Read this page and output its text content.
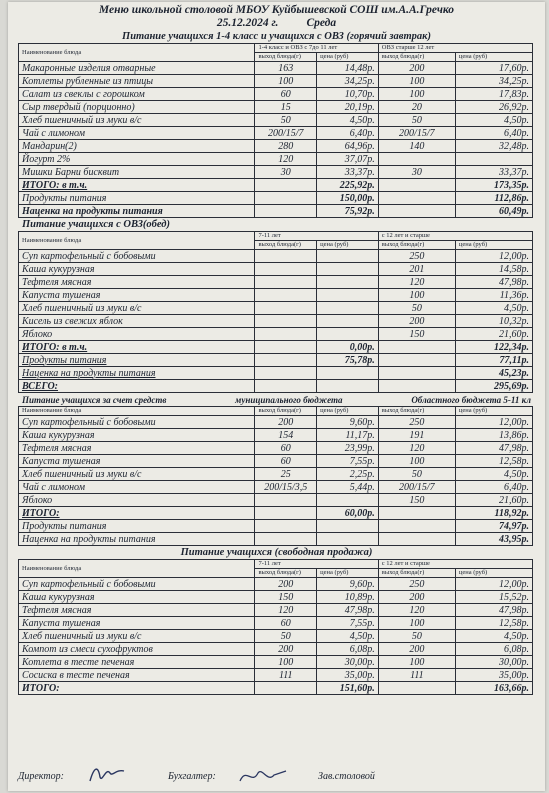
Меню школьной столовой МБОУ Куйбышевской СОШ им.А.А.Гречко
25.12.2024 г. Среда
Питание учащихся 1-4 класс и учащихся с ОВЗ (горячий завтрак)
Наименование блюда	1-4 класс и ОВЗ с 7до 11 лет		ОВЗ старше 12 лет	
	выход блюда(г)	цена (руб)	выход блюда(г)	цена (руб)
Макаронные изделия отварные	163	14,48р.	200	17,60р.
Котлеты рубленные из птицы	100	34,25р.	100	34,25р.
Салат из свеклы с горошком	60	10,70р.	100	17,83р.
Сыр твердый (порционно)	15	20,19р.	20	26,92р.
Хлеб пшеничный из муки в/с	50	4,50р.	50	4,50р.
Чай с лимоном	200/15/7	6,40р.	200/15/7	6,40р.
Мандарин(2)	280	64,96р.	140	32,48р.
Йогурт 2%	120	37,07р.		
Мишки Барни бисквит	30	33,37р.	30	33,37р.
ИТОГО: в т.ч.		225,92р.		173,35р.
Продукты питания		150,00р.		112,86р.
Наценка на продукты питания		75,92р.		60,49р.
Питание учащихся с ОВЗ(обед)
Наименование блюда	7-11 лет		с 12 лет и старше	
	выход блюда(г)	цена (руб)	выход блюда(г)	цена (руб)
Суп картофельный с бобовыми			250	12,00р.
Каша кукурузная			201	14,58р.
Тефтеля мясная			120	47,98р.
Капуста тушеная			100	11,36р.
Хлеб пшеничный из муки в/с			50	4,50р.
Кисель из свежих яблок			200	10,32р.
Яблоко			150	21,60р.
ИТОГО: в т.ч.		0,00р.		122,34р.
Продукты питания		75,78р.		77,11р.
Наценка на продукты питания				45,23р.
ВСЕГО:				295,69р.
Питание учащихся за счет средств	муниципального бюджета	Областного бюджета 5-11 кл
Наименование блюда	выход блюда(г)	цена (руб)	выход блюда(г)	цена (руб)
Суп картофельный с бобовыми	200	9,60р.	250	12,00р.
Каша кукурузная	154	11,17р.	191	13,86р.
Тефтеля мясная	60	23,99р.	120	47,98р.
Капуста тушеная	60	7,55р.	100	12,58р.
Хлеб пшеничный из муки в/с	25	2,25р.	50	4,50р.
Чай с лимоном	200/15/3,5	5,44р.	200/15/7	6,40р.
Яблоко			150	21,60р.
ИТОГО:		60,00р.		118,92р.
Продукты питания				74,97р.
Наценка на продукты питания				43,95р.
Питание учащихся (свободная продажа)
Наименование блюда	7-11 лет		с 12 лет и старше	
	выход блюда(г)	цена (руб)	выход блюда(г)	цена (руб)
Суп картофельный с бобовыми	200	9,60р.	250	12,00р.
Каша кукурузная	150	10,89р.	200	15,52р.
Тефтеля мясная	120	47,98р.	120	47,98р.
Капуста тушеная	60	7,55р.	100	12,58р.
Хлеб пшеничный из муки в/с	50	4,50р.	50	4,50р.
Компот из смеси сухофруктов	200	6,08р.	200	6,08р.
Котлета в тесте печеная	100	30,00р.	100	30,00р.
Сосиска в тесте печеная	111	35,00р.	111	35,00р.
ИТОГО:		151,60р.		163,66р.
Директор:	Бухгалтер:	Зав.столовой
